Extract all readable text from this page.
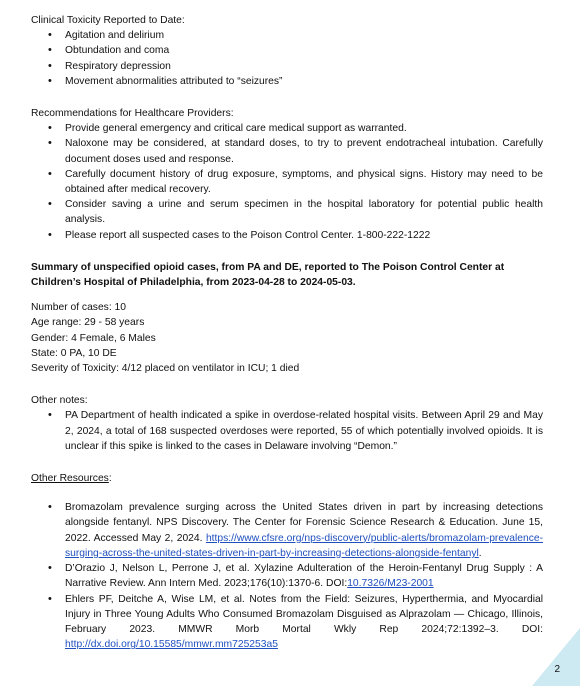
Clinical Toxicity Reported to Date:

• Agitation and delirium
• Obtundation and coma
• Respiratory depression
• Movement abnormalities attributed to “seizures”

Recommendations for Healthcare Providers:

• Provide general emergency and critical care medical support as warranted.
• Naloxone may be considered, at standard doses, to try to prevent endotracheal intubation. Carefully document doses used and response.
• Carefully document history of drug exposure, symptoms, and physical signs. History may need to be obtained after medical recovery.
• Consider saving a urine and serum specimen in the hospital laboratory for potential public health analysis.
• Please report all suspected cases to the Poison Control Center. 1-800-222-1222

Summary of unspecified opioid cases, from PA and DE, reported to The Poison Control Center at Children’s Hospital of Philadelphia, from 2023-04-28 to 2024-05-03.

Number of cases: 10

Age range: 29 - 58 years

Gender: 4 Female, 6 Males

State: 0 PA, 10 DE

Severity of Toxicity: 4/12 placed on ventilator in ICU; 1 died

Other notes:

• PA Department of health indicated a spike in overdose-related hospital visits. Between April 29 and May 2, 2024, a total of 168 suspected overdoses were reported, 55 of which potentially involved opioids. It is unclear if this spike is linked to the cases in Delaware involving “Demon.”

Other Resources:

• Bromazolam prevalence surging across the United States driven in part by increasing detections alongside fentanyl. NPS Discovery. The Center for Forensic Science Research & Education. June 15, 2022. Accessed May 2, 2024. https://www.cfsre.org/nps-discovery/public-alerts/bromazolam-prevalence-surging-across-the-united-states-driven-in-part-by-increasing-detections-alongside-fentanyl.
• D’Orazio J, Nelson L, Perrone J, et al. Xylazine Adulteration of the Heroin-Fentanyl Drug Supply : A Narrative Review. Ann Intern Med. 2023;176(10):1370-6. DOI:10.7326/M23-2001
• Ehlers PF, Deitche A, Wise LM, et al. Notes from the Field: Seizures, Hyperthermia, and Myocardial Injury in Three Young Adults Who Consumed Bromazolam Disguised as Alprazolam — Chicago, Illinois, February 2023. MMWR Morb Mortal Wkly Rep 2024;72:1392–3. DOI: http://dx.doi.org/10.15585/mmwr.mm725253a5
2
